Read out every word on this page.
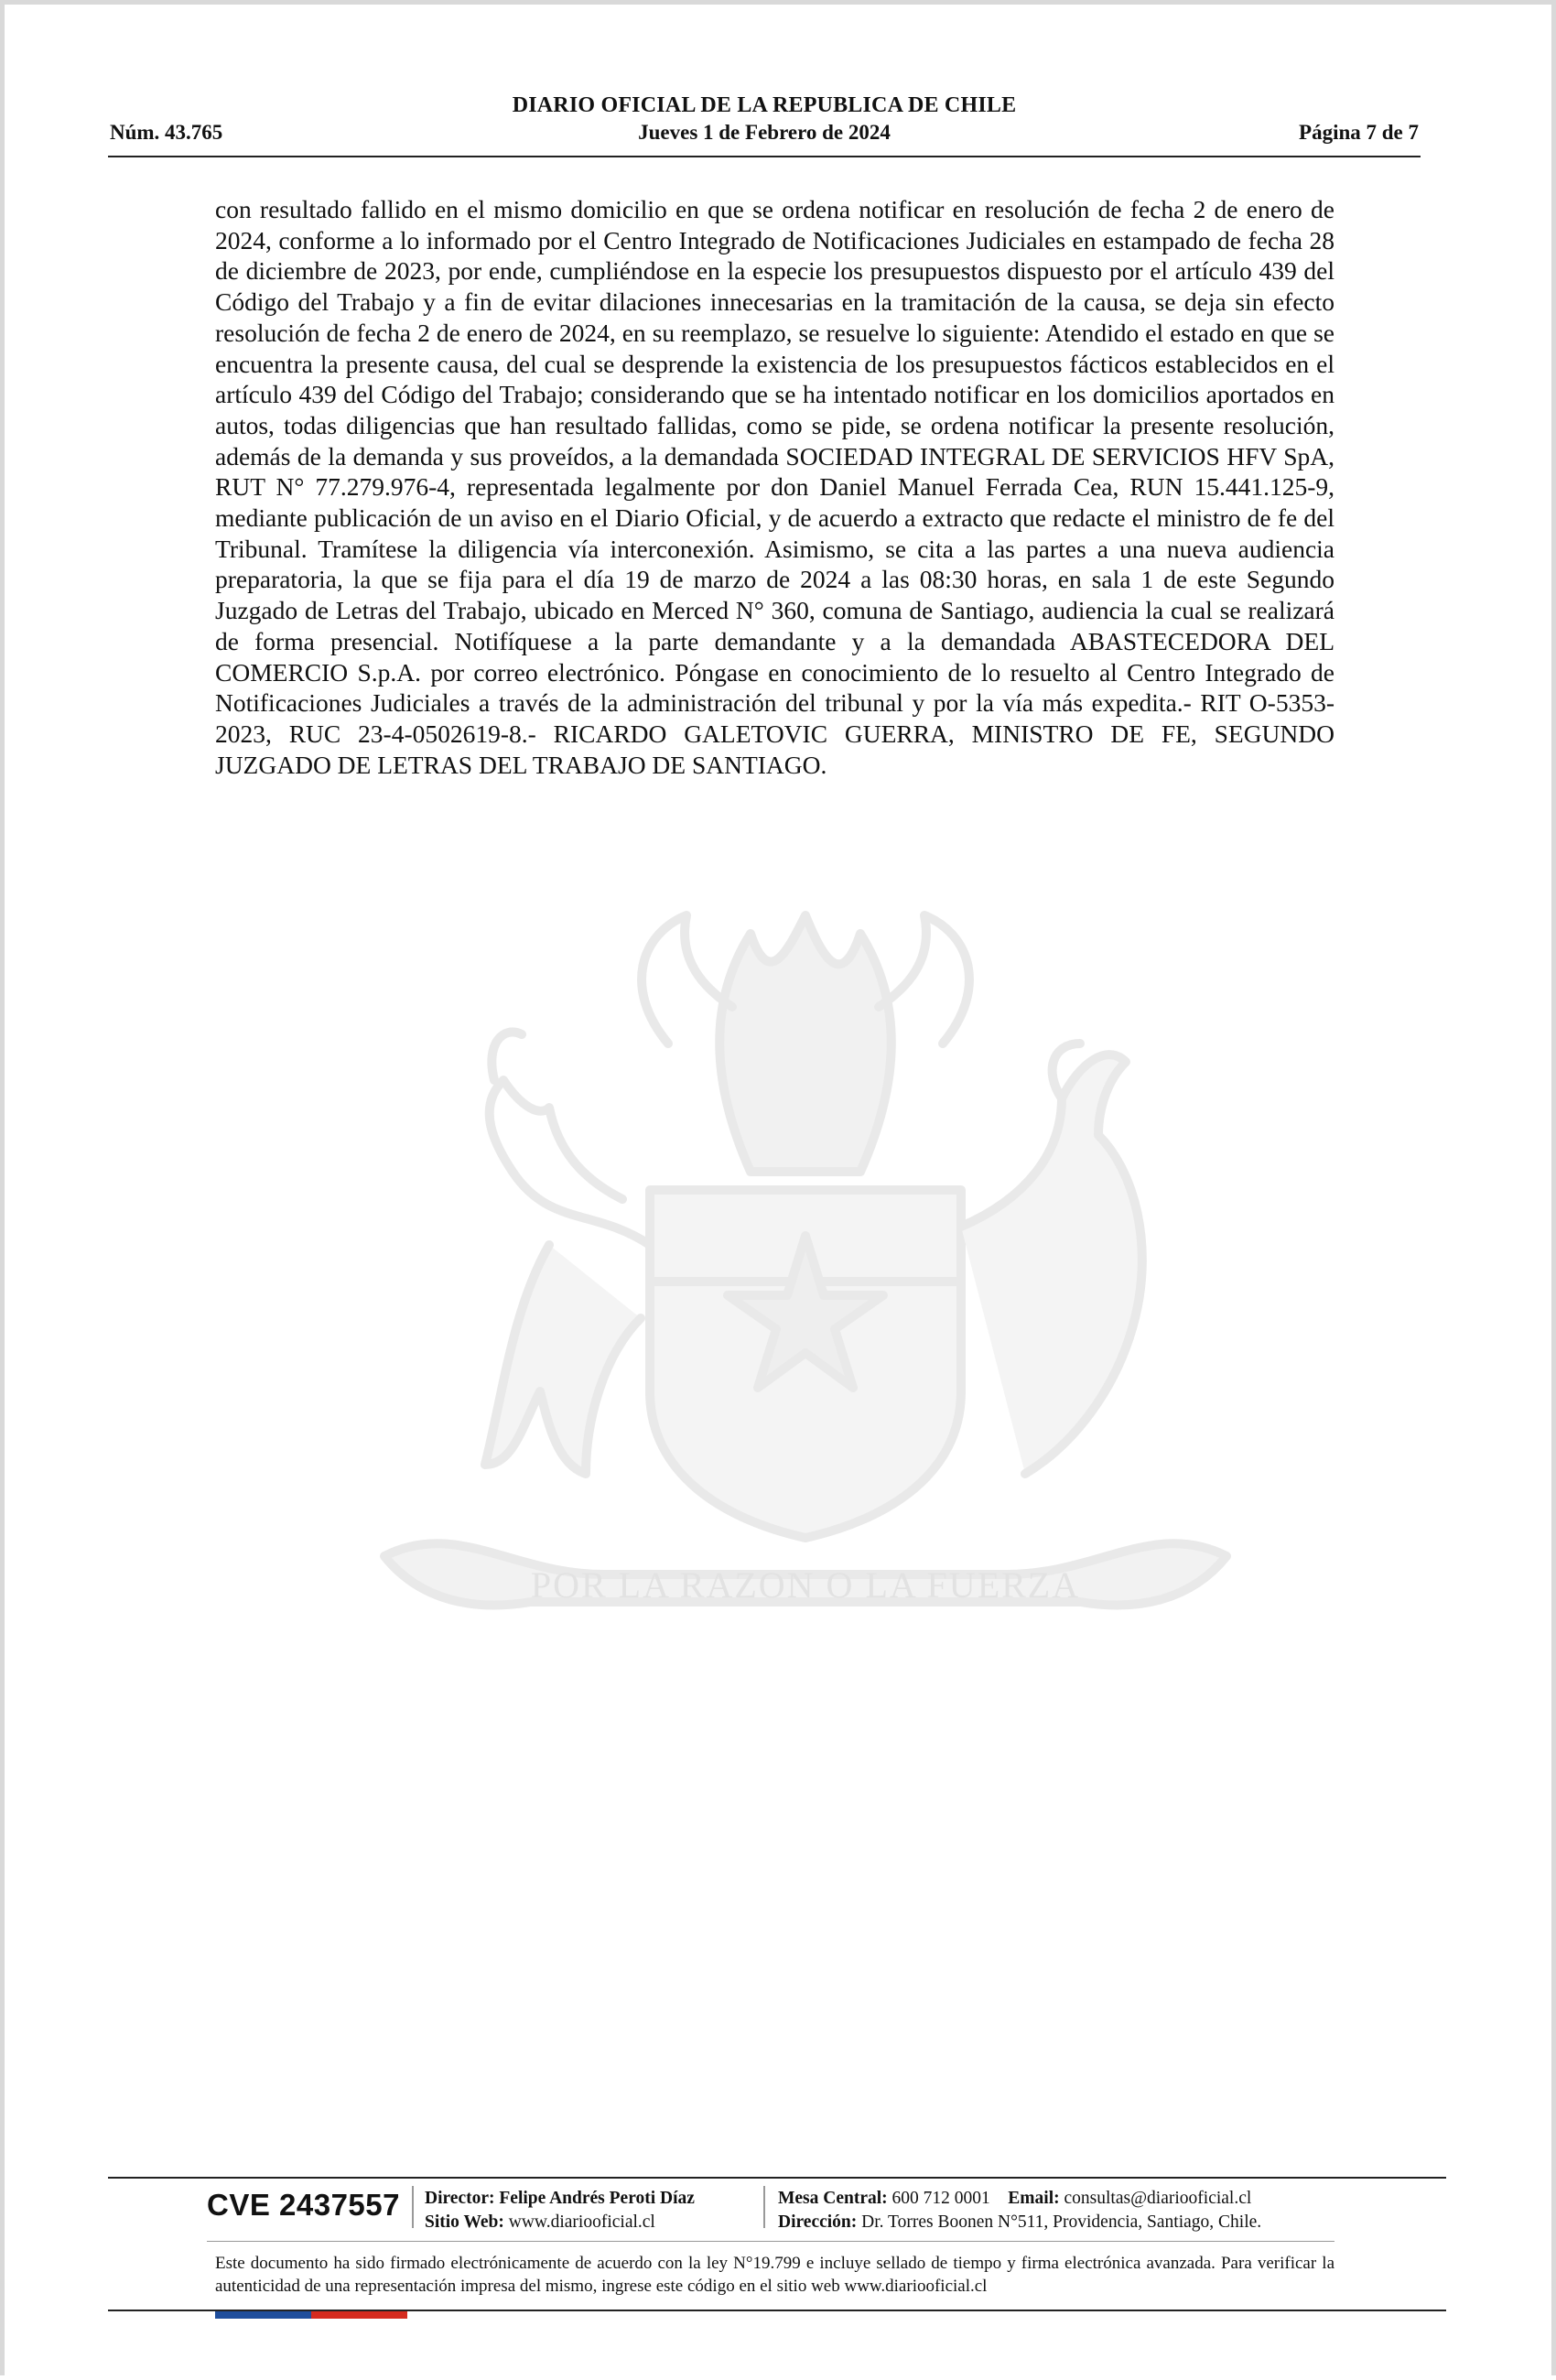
DIARIO OFICIAL DE LA REPUBLICA DE CHILE
Núm. 43.765	Jueves 1 de Febrero de 2024	Página 7 de 7

con resultado fallido en el mismo domicilio en que se ordena notificar en resolución de fecha 2 de enero de 2024, conforme a lo informado por el Centro Integrado de Notificaciones Judiciales en estampado de fecha 28 de diciembre de 2023, por ende, cumpliéndose en la especie los presupuestos dispuesto por el artículo 439 del Código del Trabajo y a fin de evitar dilaciones innecesarias en la tramitación de la causa, se deja sin efecto resolución de fecha 2 de enero de 2024, en su reemplazo, se resuelve lo siguiente: Atendido el estado en que se encuentra la presente causa, del cual se desprende la existencia de los presupuestos fácticos establecidos en el artículo 439 del Código del Trabajo; considerando que se ha intentado notificar en los domicilios aportados en autos, todas diligencias que han resultado fallidas, como se pide, se ordena notificar la presente resolución, además de la demanda y sus proveídos, a la demandada SOCIEDAD INTEGRAL DE SERVICIOS HFV SpA, RUT N° 77.279.976-4, representada legalmente por don Daniel Manuel Ferrada Cea, RUN 15.441.125-9, mediante publicación de un aviso en el Diario Oficial, y de acuerdo a extracto que redacte el ministro de fe del Tribunal. Tramítese la diligencia vía interconexión. Asimismo, se cita a las partes a una nueva audiencia preparatoria, la que se fija para el día 19 de marzo de 2024 a las 08:30 horas, en sala 1 de este Segundo Juzgado de Letras del Trabajo, ubicado en Merced N° 360, comuna de Santiago, audiencia la cual se realizará de forma presencial. Notifíquese a la parte demandante y a la demandada ABASTECEDORA DEL COMERCIO S.p.A. por correo electrónico. Póngase en conocimiento de lo resuelto al Centro Integrado de Notificaciones Judiciales a través de la administración del tribunal y por la vía más expedita.- RIT O-5353-2023, RUC 23-4-0502619-8.- RICARDO GALETOVIC GUERRA, MINISTRO DE FE, SEGUNDO JUZGADO DE LETRAS DEL TRABAJO DE SANTIAGO.

POR LA RAZON O LA FUERZA
CVE 2437557 Director: Felipe Andrés Peroti Díaz
Sitio Web: www.diariooficial.cl
Mesa Central: 600 712 0001 Email: consultas@diariooficial.cl
Dirección: Dr. Torres Boonen N°511, Providencia, Santiago, Chile.
Este documento ha sido firmado electrónicamente de acuerdo con la ley N°19.799 e incluye sellado de tiempo y firma electrónica avanzada. Para verificar la autenticidad de una representación impresa del mismo, ingrese este código en el sitio web www.diariooficial.cl
